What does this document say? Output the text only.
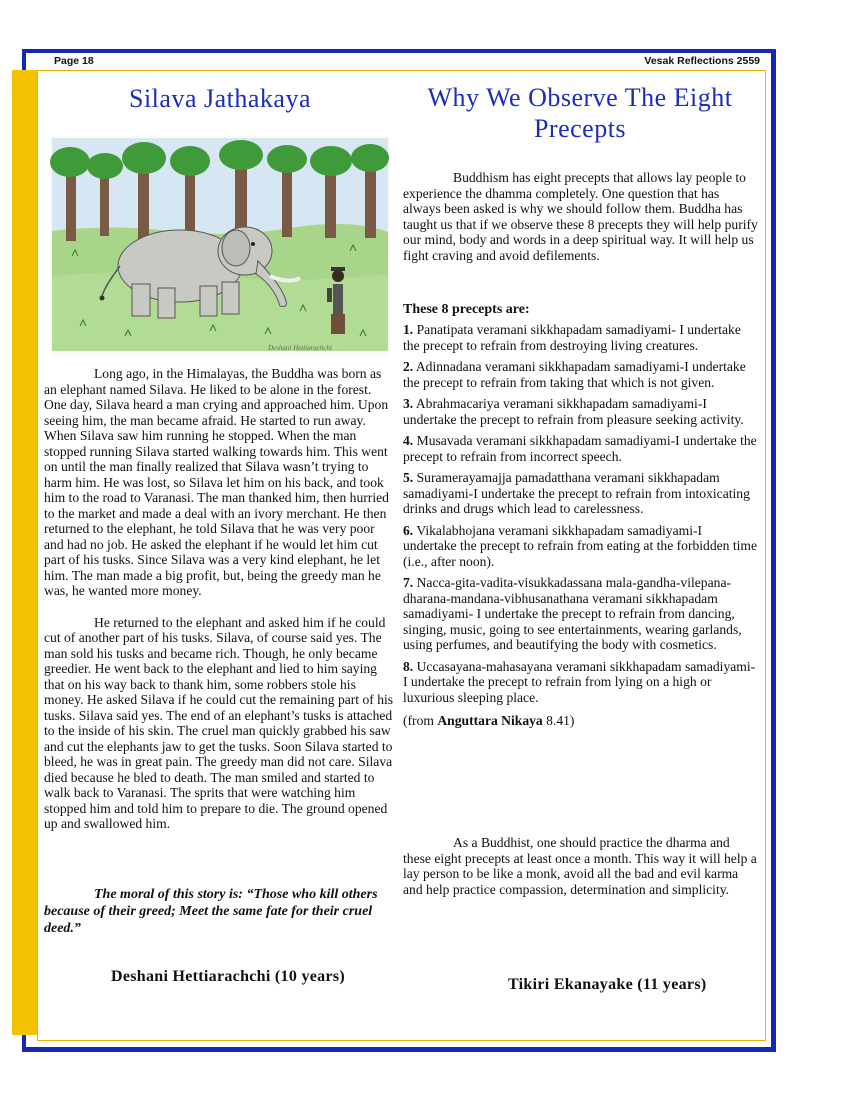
Page 18	Vesak Reflections 2559
Silava Jathakaya
Deshani Hettiarachchi

Long ago, in the Himalayas, the Buddha was born as an elephant named Silava. He liked to be alone in the forest. One day, Silava heard a man crying and approached him. Upon seeing him, the man became afraid. He started to run away. When Silava saw him running he stopped. When the man stopped running Silava started walking towards him. This went on until the man finally realized that Silava wasn’t trying to harm him. He was lost, so Silava let him on his back, and took him to the road to Varanasi. The man thanked him, then hurried to the market and made a deal with an ivory merchant. He then returned to the elephant, he told Silava that he was very poor and had no job. He asked the elephant if he would let him cut part of his tusks. Since Silava was a very kind elephant, he let him. The man made a big profit, but, being the greedy man he was, he wanted more money.

He returned to the elephant and asked him if he could cut of another part of his tusks. Silava, of course said yes. The man sold his tusks and became rich. Though, he only became greedier. He went back to the elephant and lied to him saying that on his way back to thank him, some robbers stole his money. He asked Silava if he could cut the remaining part of his tusks. Silava said yes. The end of an elephant’s tusks is attached to the inside of his skin. The cruel man quickly grabbed his saw and cut the elephants jaw to get the tusks. Soon Silava started to bleed, he was in great pain. The greedy man did not care. Silava died because he bled to death. The man smiled and started to walk back to Varanasi. The sprits that were watching him stopped him and told him to prepare to die. The ground opened up and swallowed him.

The moral of this story is: “Those who kill others because of their greed; Meet the same fate for their cruel deed.”
Deshani Hettiarachchi (10 years)
Why We Observe The Eight Precepts

Buddhism has eight precepts that allows lay people to experience the dhamma completely. One question that has always been asked is why we should follow them. Buddha has taught us that if we observe these 8 precepts they will help purify our mind, body and words in a deep spiritual way. It will help us fight craving and avoid defilements.

These 8 precepts are:

1. Panatipata veramani sikkhapadam samadiyami- I undertake the precept to refrain from destroying living creatures.

2. Adinnadana veramani sikkhapadam samadiyami-I undertake the precept to refrain from taking that which is not given.

3. Abrahmacariya veramani sikkhapadam samadiyami-I undertake the precept to refrain from pleasure seeking activity.

4. Musavada veramani sikkhapadam samadiyami-I undertake the precept to refrain from incorrect speech.

5. Suramerayamajja pamadatthana veramani sikkhapadam samadiyami-I undertake the precept to refrain from intoxicating drinks and drugs which lead to carelessness.

6. Vikalabhojana veramani sikkhapadam samadiyami-I undertake the precept to refrain from eating at the forbidden time (i.e., after noon).

7. Nacca-gita-vadita-visukkadassana mala-gandha-vilepana-dharana-mandana-vibhusanathana veramani sikkhapadam samadiyami- I undertake the precept to refrain from dancing, singing, music, going to see entertainments, wearing garlands, using perfumes, and beautifying the body with cosmetics.

8. Uccasayana-mahasayana veramani sikkhapadam samadiyami-I undertake the precept to refrain from lying on a high or luxurious sleeping place.

(from Anguttara Nikaya 8.41)

As a Buddhist, one should practice the dharma and these eight precepts at least once a month. This way it will help a lay person to be like a monk, avoid all the bad and evil karma and help practice compassion, determination and simplicity.

Tikiri Ekanayake (11 years)
